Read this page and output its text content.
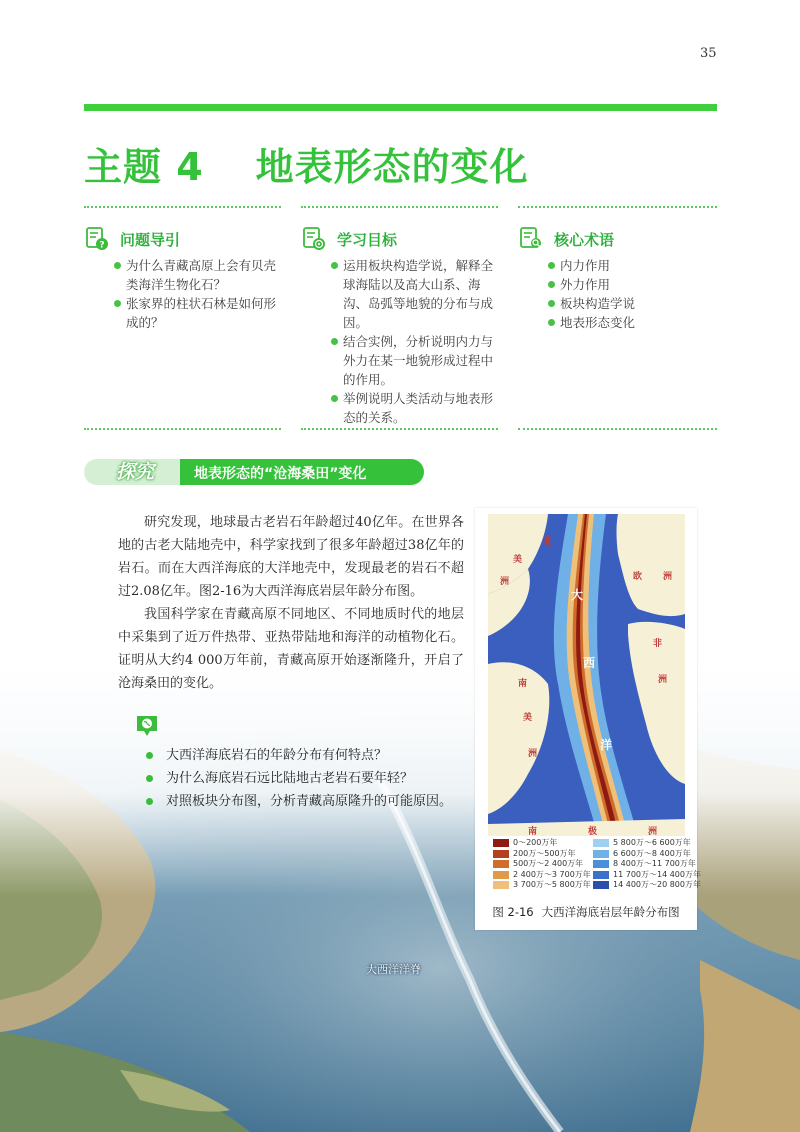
35
主题 4 地表形态的变化
? 问题导引
为什么青藏高原上会有贝壳类海洋生物化石？
张家界的柱状石林是如何形成的？
学习目标
运用板块构造学说，解释全球海陆以及高大山系、海沟、岛弧等地貌的分布与成因。
结合实例，分析说明内力与外力在某一地貌形成过程中的作用。
举例说明人类活动与地表形态的关系。
核心术语
内力作用
外力作用
板块构造学说
地表形态变化
探究	地表形态的“沧海桑田”变化

研究发现，地球最古老岩石年龄超过40亿年。在世界各地的古老大陆地壳中，科学家找到了很多年龄超过38亿年的岩石。而在大西洋海底的大洋地壳中，发现最老的岩石不超过2.08亿年。图2-16为大西洋海底岩层年龄分布图。

我国科学家在青藏高原不同地区、不同地质时代的地层中采集到了近万件热带、亚热带陆地和海洋的动植物化石。证明从大约4 000万年前，青藏高原开始逐渐隆升，开启了沧海桑田的变化。

大西洋海底岩石的年龄分布有何特点？
为什么海底岩石远比陆地古老岩石要年轻？
对照板块分布图，分析青藏高原隆升的可能原因。
北
美
洲	欧 洲
非
洲
南
美
洲
大
西
洋
南	极	洲
0～200万年
200万～500万年
500万～2 400万年
2 400万～3 700万年
3 700万～5 800万年
5 800万～6 600万年
6 600万～8 400万年
8 400万～11 700万年
11 700万～14 400万年
14 400万～20 800万年
图 2-16 大西洋海底岩层年龄分布图
大西洋洋脊
